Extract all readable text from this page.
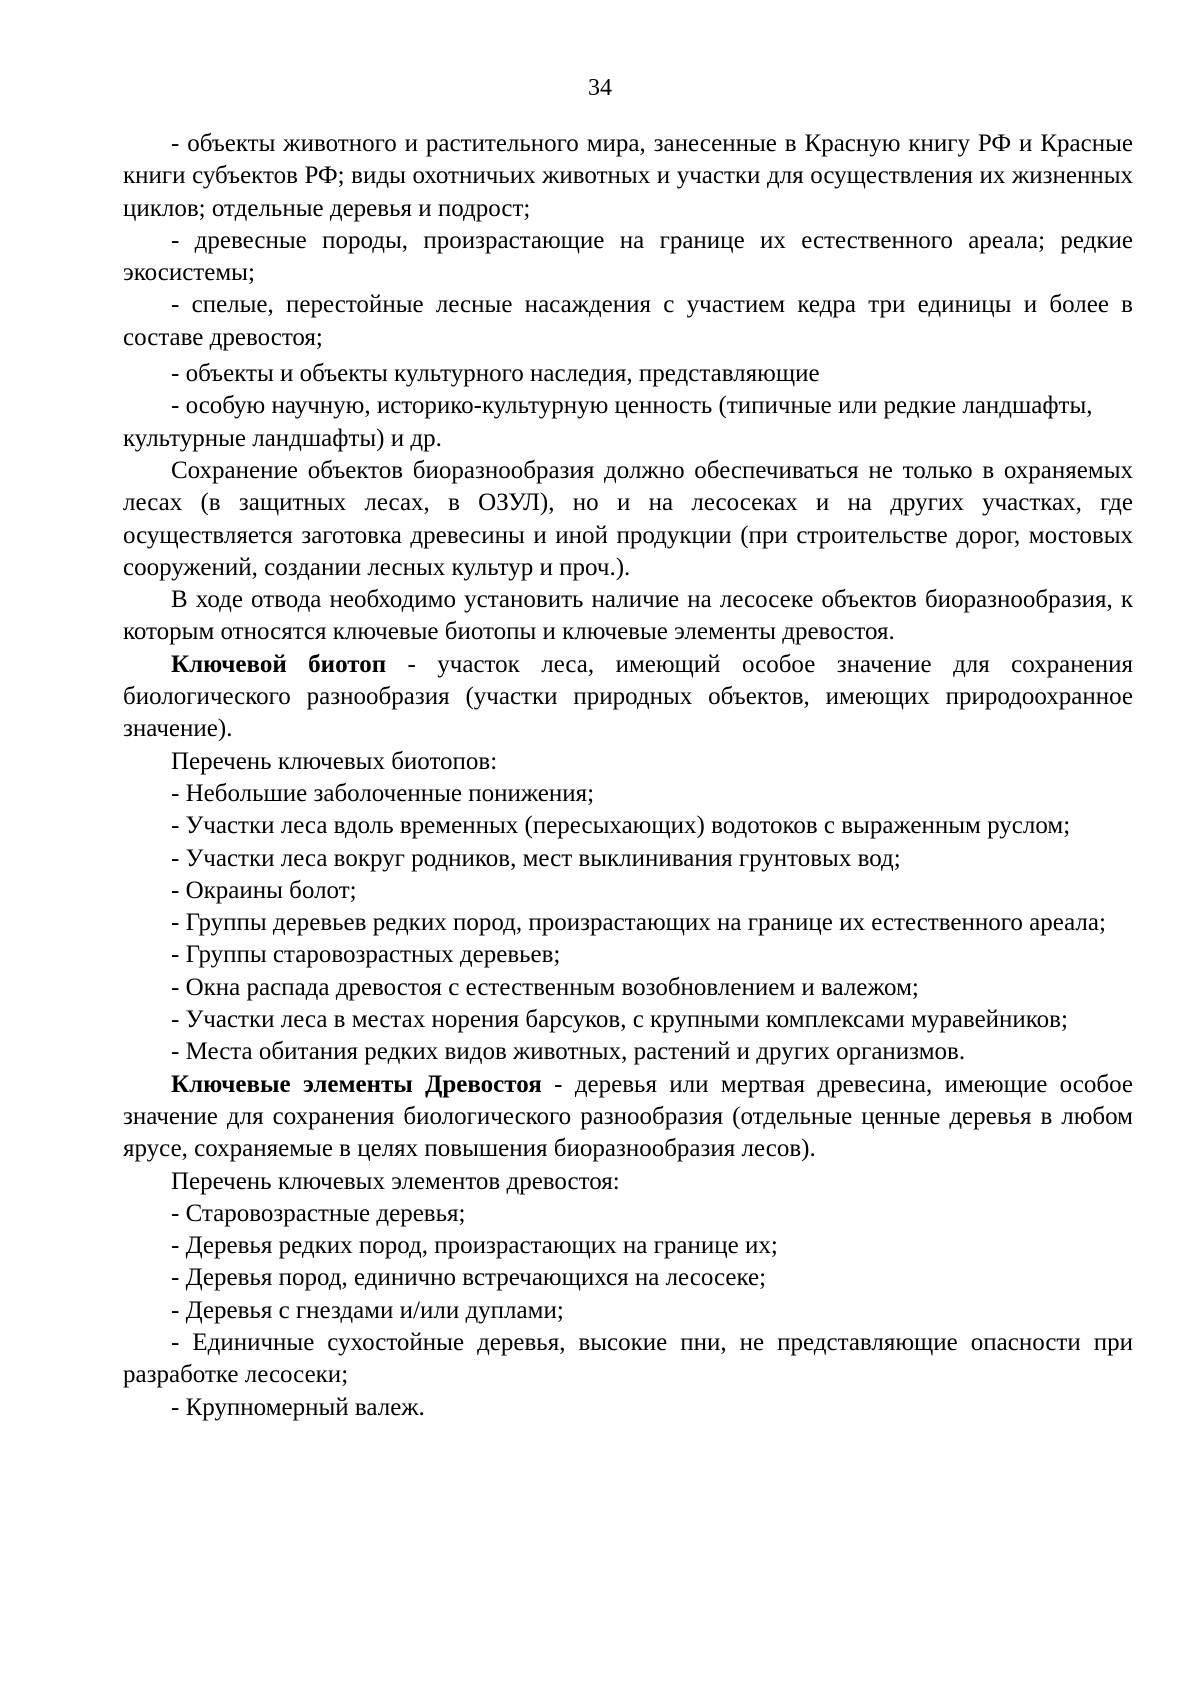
34

- объекты животного и растительного мира, занесенные в Красную книгу РФ и Красные книги субъектов РФ; виды охотничьих животных и участки для осуществления их жизненных циклов; отдельные деревья и подрост;

- древесные породы, произрастающие на границе их естественного ареала; редкие экосистемы;

- спелые, перестойные лесные насаждения с участием кедра три единицы и более в составе древостоя;

- объекты и объекты культурного наследия, представляющие

- особую научную, историко-культурную ценность (типичные или редкие ландшафты, культурные ландшафты) и др.

Сохранение объектов биоразнообразия должно обеспечиваться не только в охраняемых лесах (в защитных лесах, в ОЗУЛ), но и на лесосеках и на других участках, где осуществляется заготовка древесины и иной продукции (при строительстве дорог, мостовых сооружений, создании лесных культур и проч.).

В ходе отвода необходимо установить наличие на лесосеке объектов биоразнообразия, к которым относятся ключевые биотопы и ключевые элементы древостоя.

Ключевой биотоп - участок леса, имеющий особое значение для сохранения биологического разнообразия (участки природных объектов, имеющих природоохранное значение).

Перечень ключевых биотопов:

- Небольшие заболоченные понижения;

- Участки леса вдоль временных (пересыхающих) водотоков с выраженным руслом;

- Участки леса вокруг родников, мест выклинивания грунтовых вод;

- Окраины болот;

- Группы деревьев редких пород, произрастающих на границе их естественного ареала;

- Группы старовозрастных деревьев;

- Окна распада древостоя с естественным возобновлением и валежом;

- Участки леса в местах норения барсуков, с крупными комплексами муравейников;

- Места обитания редких видов животных, растений и других организмов.

Ключевые элементы Древостоя - деревья или мертвая древесина, имеющие особое значение для сохранения биологического разнообразия (отдельные ценные деревья в любом ярусе, сохраняемые в целях повышения биоразнообразия лесов).

Перечень ключевых элементов древостоя:

- Старовозрастные деревья;

- Деревья редких пород, произрастающих на границе их;

- Деревья пород, единично встречающихся на лесосеке;

- Деревья с гнездами и/или дуплами;

- Единичные сухостойные деревья, высокие пни, не представляющие опасности при разработке лесосеки;

- Крупномерный валеж.
